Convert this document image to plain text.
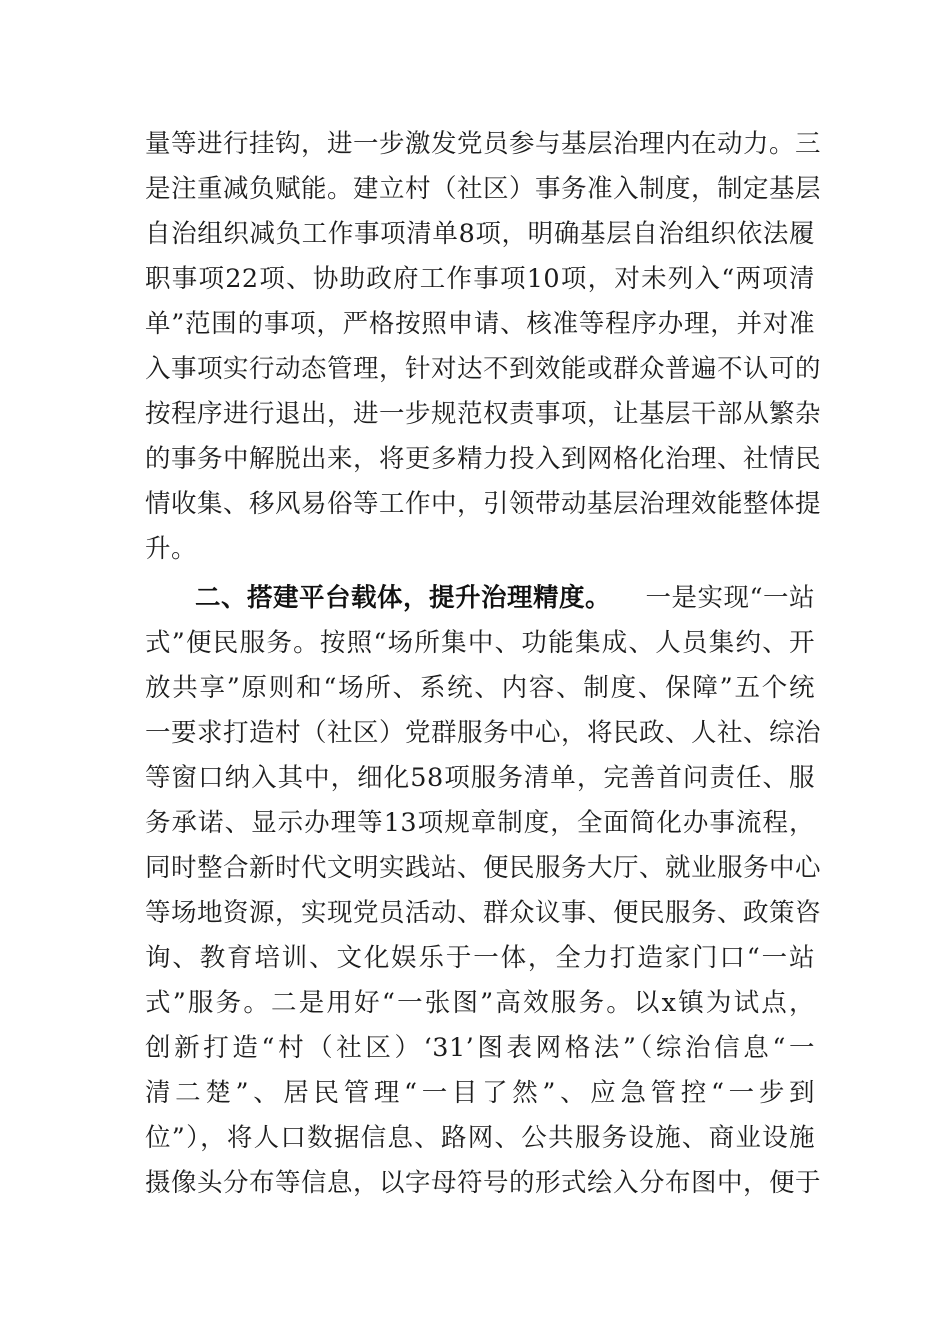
量等进行挂钩，进一步激发党员参与基层治理内在动力。三
是注重减负赋能。建立村（社区）事务准入制度，制定基层
自治组织减负工作事项清单8项，明确基层自治组织依法履
职事项22项、协助政府工作事项10项，对未列入“两项清
单”范围的事项，严格按照申请、核准等程序办理，并对准
入事项实行动态管理，针对达不到效能或群众普遍不认可的
按程序进行退出，进一步规范权责事项，让基层干部从繁杂
的事务中解脱出来，将更多精力投入到网格化治理、社情民
情收集、移风易俗等工作中，引领带动基层治理效能整体提
升。
二、搭建平台载体，提升治理精度。 一是实现“一站
式”便民服务。按照“场所集中、功能集成、人员集约、开
放共享”原则和“场所、系统、内容、制度、保障”五个统
一要求打造村（社区）党群服务中心，将民政、人社、综治
等窗口纳入其中，细化58项服务清单，完善首问责任、服
务承诺、显示办理等13项规章制度，全面简化办事流程，
同时整合新时代文明实践站、便民服务大厅、就业服务中心
等场地资源，实现党员活动、群众议事、便民服务、政策咨
询、教育培训、文化娱乐于一体，全力打造家门口“一站
式”服务。二是用好“一张图”高效服务。以x镇为试点，
创新打造“村（社区）‘31’图表网格法”（综治信息“一
清二楚”、居民管理“一目了然”、应急管控“一步到
位”），将人口数据信息、路网、公共服务设施、商业设施
摄像头分布等信息，以字母符号的形式绘入分布图中，便于
